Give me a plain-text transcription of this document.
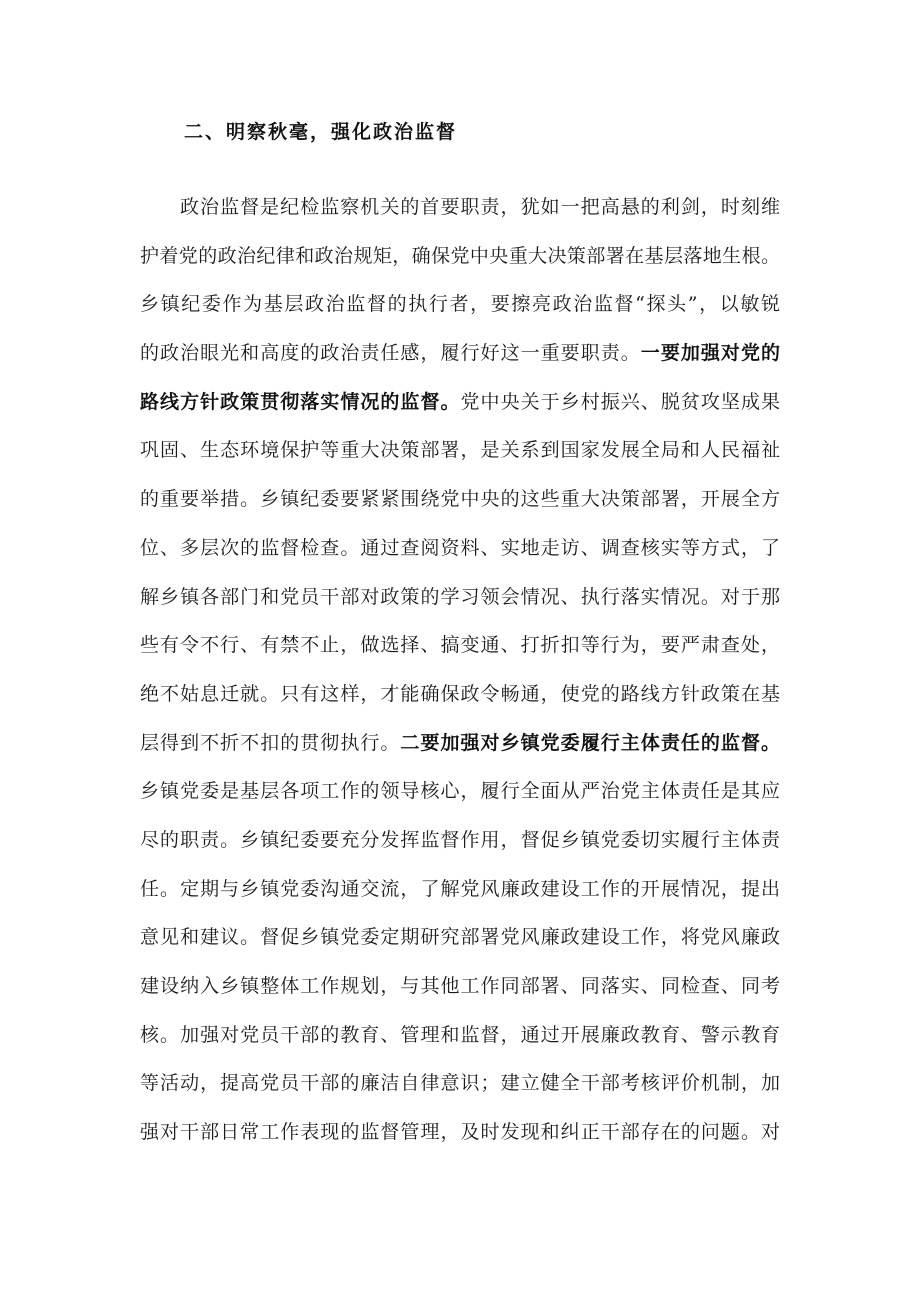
二、明察秋毫，强化政治监督
政治监督是纪检监察机关的首要职责，犹如一把高悬的利剑，时刻维
护着党的政治纪律和政治规矩，确保党中央重大决策部署在基层落地生根。
乡镇纪委作为基层政治监督的执行者，要擦亮政治监督“探头”，以敏锐
的政治眼光和高度的政治责任感，履行好这一重要职责。一要加强对党的
路线方针政策贯彻落实情况的监督。党中央关于乡村振兴、脱贫攻坚成果
巩固、生态环境保护等重大决策部署，是关系到国家发展全局和人民福祉
的重要举措。乡镇纪委要紧紧围绕党中央的这些重大决策部署，开展全方
位、多层次的监督检查。通过查阅资料、实地走访、调查核实等方式，了
解乡镇各部门和党员干部对政策的学习领会情况、执行落实情况。对于那
些有令不行、有禁不止，做选择、搞变通、打折扣等行为，要严肃查处，
绝不姑息迁就。只有这样，才能确保政令畅通，使党的路线方针政策在基
层得到不折不扣的贯彻执行。二要加强对乡镇党委履行主体责任的监督。
乡镇党委是基层各项工作的领导核心，履行全面从严治党主体责任是其应
尽的职责。乡镇纪委要充分发挥监督作用，督促乡镇党委切实履行主体责
任。定期与乡镇党委沟通交流，了解党风廉政建设工作的开展情况，提出
意见和建议。督促乡镇党委定期研究部署党风廉政建设工作，将党风廉政
建设纳入乡镇整体工作规划，与其他工作同部署、同落实、同检查、同考
核。加强对党员干部的教育、管理和监督，通过开展廉政教育、警示教育
等活动，提高党员干部的廉洁自律意识；建立健全干部考核评价机制，加
强对干部日常工作表现的监督管理，及时发现和纠正干部存在的问题。对
